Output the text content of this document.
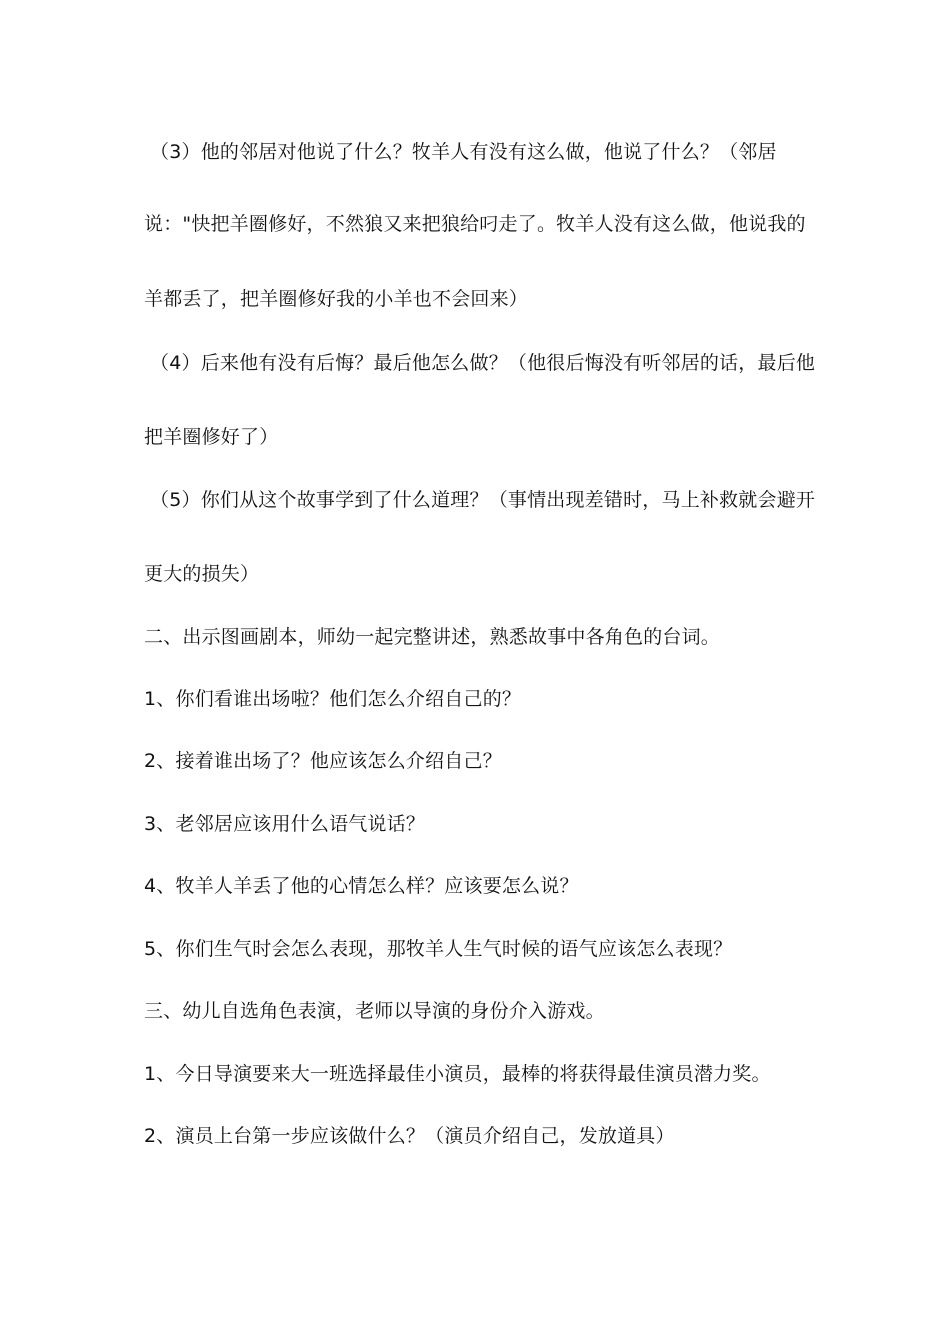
（3）他的邻居对他说了什么？牧羊人有没有这么做，他说了什么？（邻居
说："快把羊圈修好，不然狼又来把狼给叼走了。牧羊人没有这么做，他说我的
羊都丢了，把羊圈修好我的小羊也不会回来）
（4）后来他有没有后悔？最后他怎么做？（他很后悔没有听邻居的话，最后他
把羊圈修好了）
（5）你们从这个故事学到了什么道理？（事情出现差错时，马上补救就会避开
更大的损失）
二、出示图画剧本，师幼一起完整讲述，熟悉故事中各角色的台词。
1、你们看谁出场啦？他们怎么介绍自己的？
2、接着谁出场了？他应该怎么介绍自己？
3、老邻居应该用什么语气说话？
4、牧羊人羊丢了他的心情怎么样？应该要怎么说？
5、你们生气时会怎么表现，那牧羊人生气时候的语气应该怎么表现？
三、幼儿自选角色表演，老师以导演的身份介入游戏。
1、今日导演要来大一班选择最佳小演员，最棒的将获得最佳演员潜力奖。
2、演员上台第一步应该做什么？（演员介绍自己，发放道具）
